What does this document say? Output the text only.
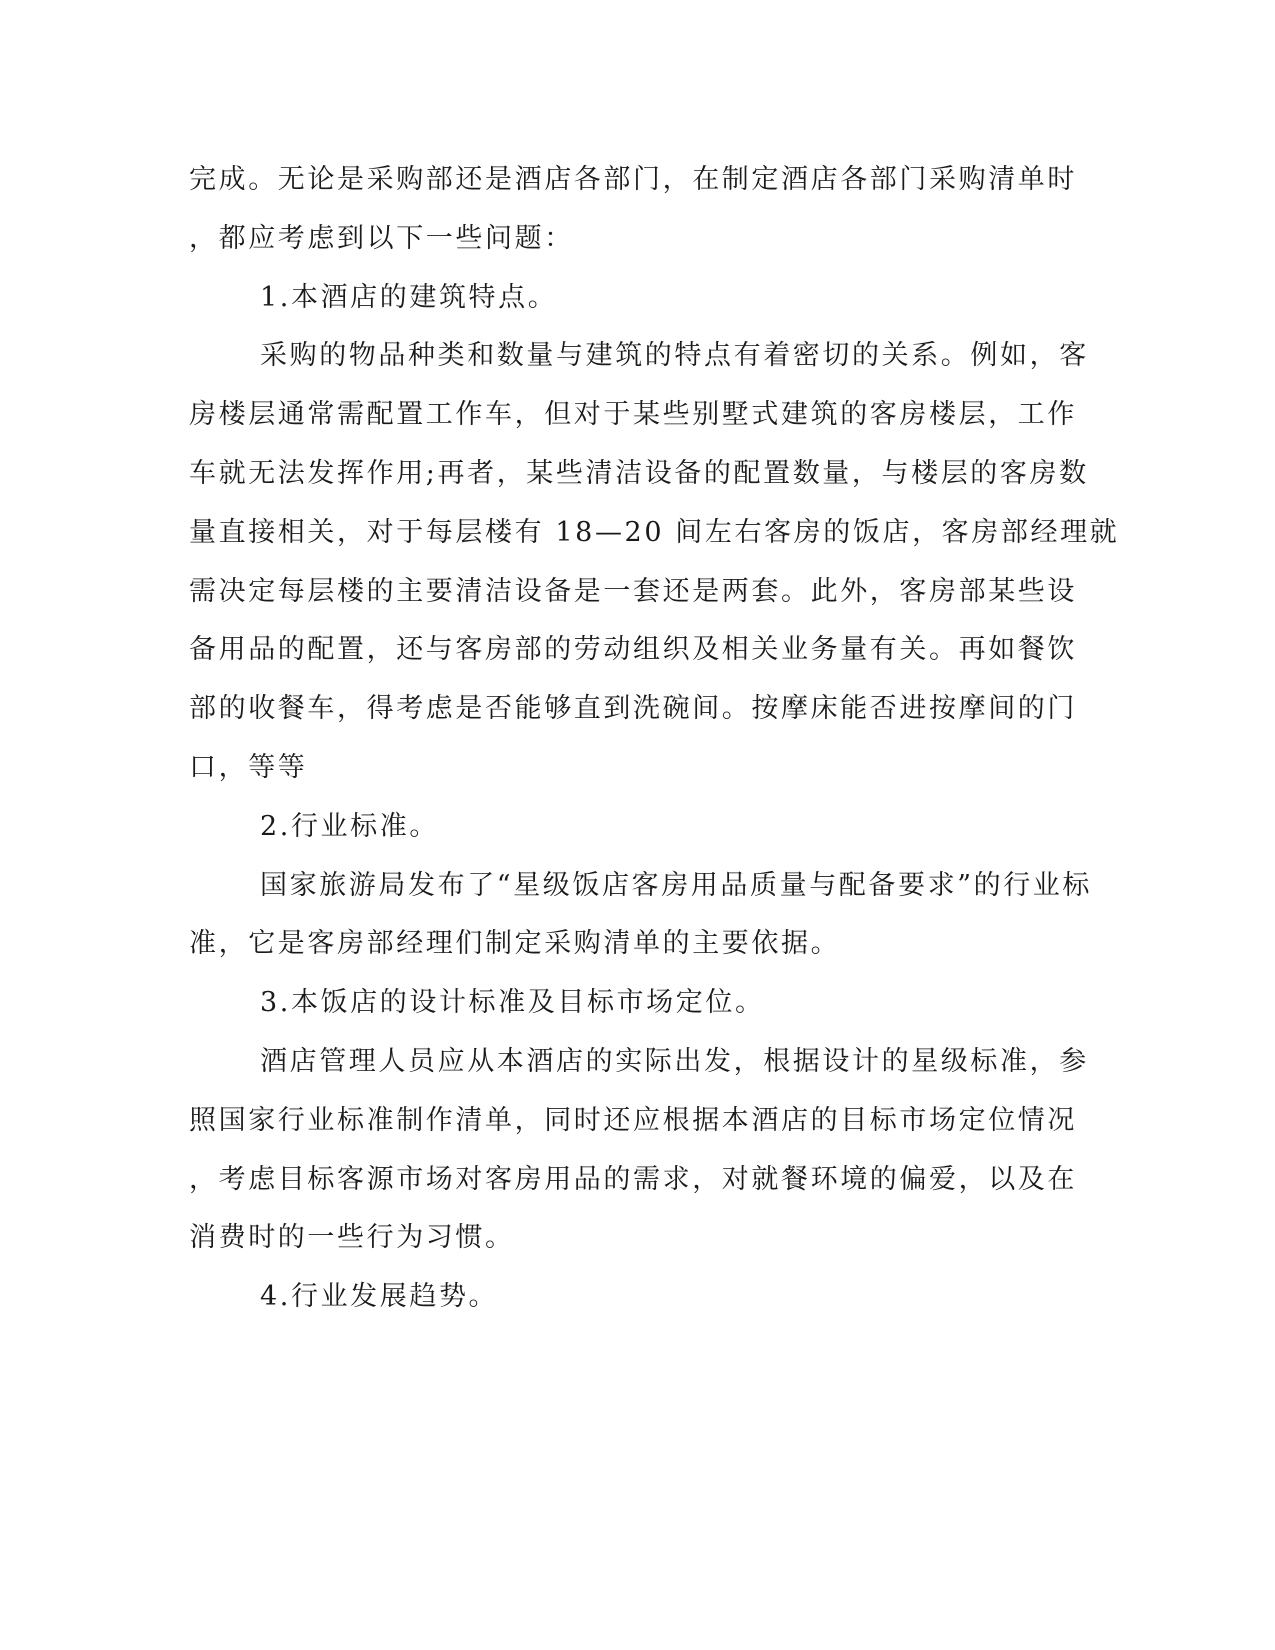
完成。无论是采购部还是酒店各部门，在制定酒店各部门采购清单时
，都应考虑到以下一些问题：
1.本酒店的建筑特点。
采购的物品种类和数量与建筑的特点有着密切的关系。例如，客
房楼层通常需配置工作车，但对于某些别墅式建筑的客房楼层，工作
车就无法发挥作用;再者，某些清洁设备的配置数量，与楼层的客房数
量直接相关，对于每层楼有 18—20 间左右客房的饭店，客房部经理就
需决定每层楼的主要清洁设备是一套还是两套。此外，客房部某些设
备用品的配置，还与客房部的劳动组织及相关业务量有关。再如餐饮
部的收餐车，得考虑是否能够直到洗碗间。按摩床能否进按摩间的门
口，等等
2.行业标准。
国家旅游局发布了“星级饭店客房用品质量与配备要求”的行业标
准，它是客房部经理们制定采购清单的主要依据。
3.本饭店的设计标准及目标市场定位。
酒店管理人员应从本酒店的实际出发，根据设计的星级标准，参
照国家行业标准制作清单，同时还应根据本酒店的目标市场定位情况
，考虑目标客源市场对客房用品的需求，对就餐环境的偏爱，以及在
消费时的一些行为习惯。
4.行业发展趋势。
